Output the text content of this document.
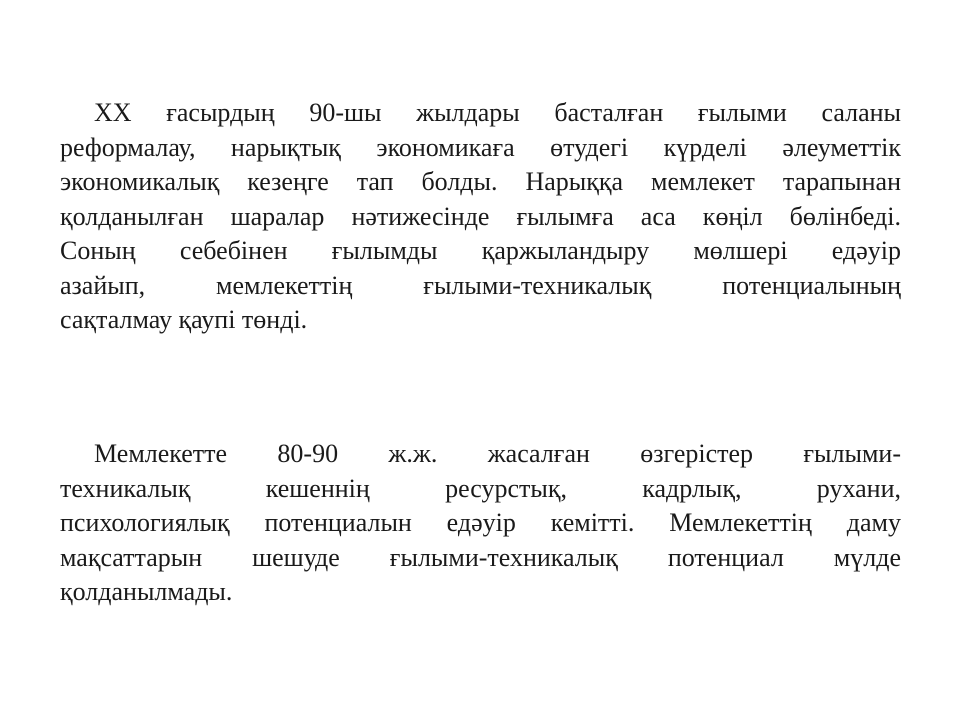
XX ғасырдың 90-шы жылдары басталған ғылыми саланы
реформалау, нарықтық экономикаға өтудегі күрделі әлеуметтік
экономикалық кезеңге тап болды. Нарыққа мемлекет тарапынан
қолданылған шаралар нәтижесінде ғылымға аса көңіл бөлінбеді.
Соның себебінен ғылымды қаржыландыру мөлшері едәуір
азайып, мемлекеттің ғылыми-техникалық потенциалының
сақталмау қаупі төнді.
Мемлекетте 80-90 ж.ж. жасалған өзгерістер ғылыми-
техникалық кешеннің ресурстық, кадрлық, рухани,
психологиялық потенциалын едәуір кемітті. Мемлекеттің даму
мақсаттарын шешуде ғылыми-техникалық потенциал мүлде
қолданылмады.
